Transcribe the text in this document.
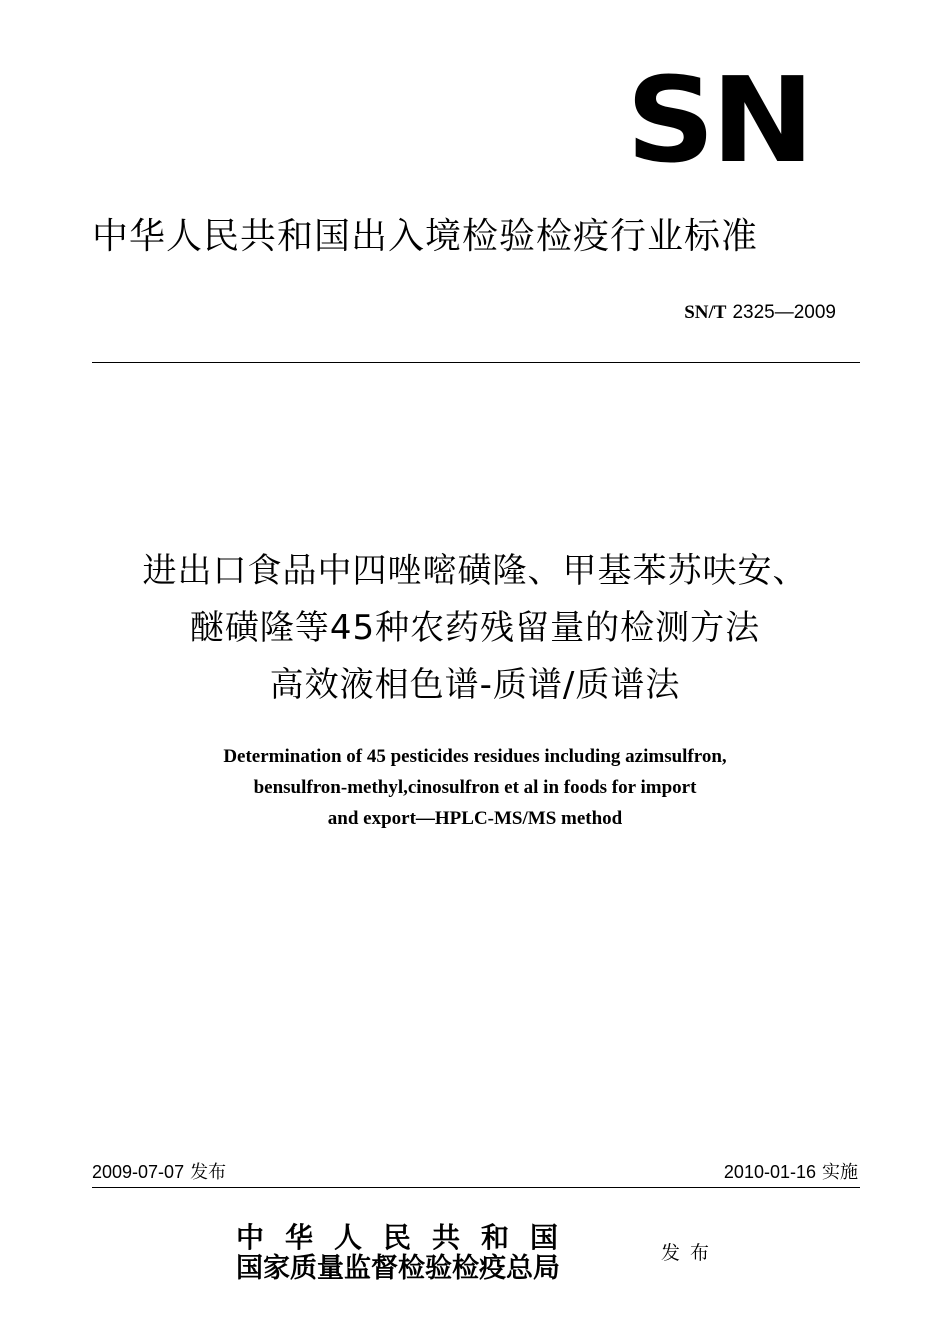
SN
中华人民共和国出入境检验检疫行业标准
SN/T 2325—2009
进出口食品中四唑嘧磺隆、甲基苯苏呋安、
醚磺隆等45种农药残留量的检测方法
高效液相色谱-质谱/质谱法
Determination of 45 pesticides residues including azimsulfron,
bensulfron-methyl,cinosulfron et al in foods for import
and export—HPLC-MS/MS method
2009-07-07 发布	2010-01-16 实施
中华人民共和国
国家质量监督检验检疫总局	发布
